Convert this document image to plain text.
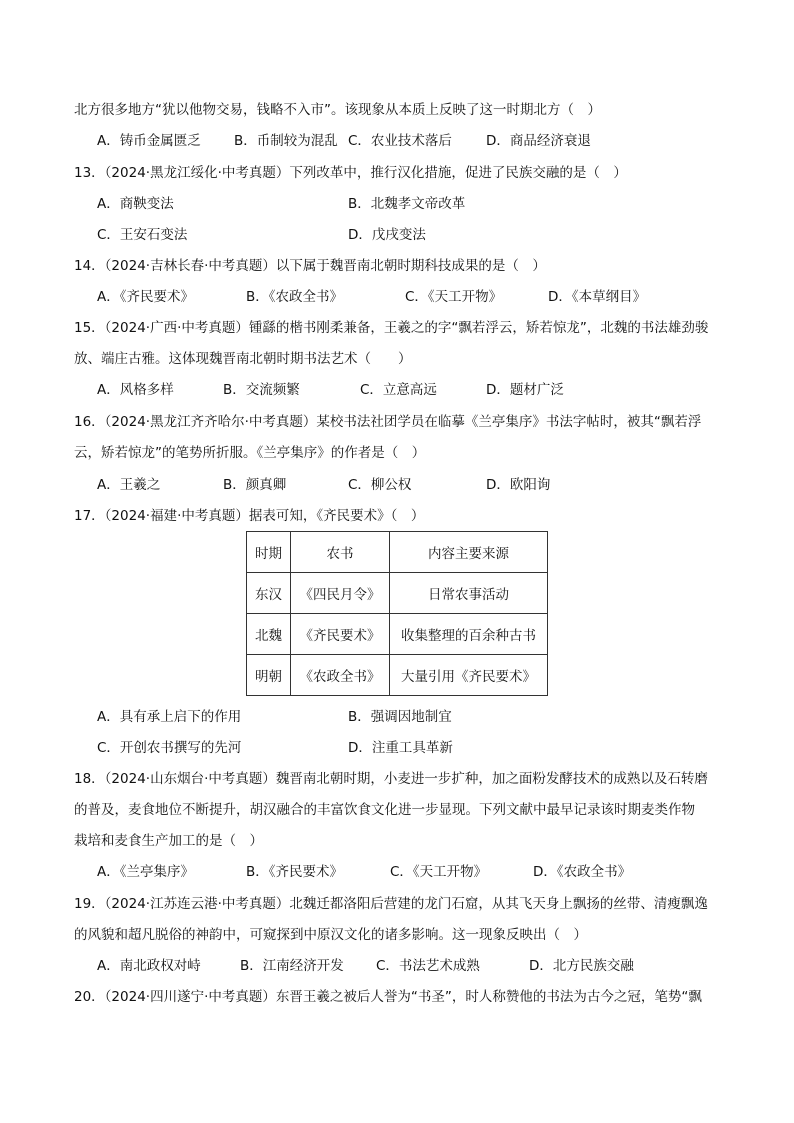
北方很多地方“犹以他物交易，钱略不入市”。该现象从本质上反映了这一时期北方（　）
A．铸币金属匮乏 B．币制较为混乱 C．农业技术落后	D．商品经济衰退
13．（2024·黑龙江绥化·中考真题）下列改革中，推行汉化措施，促进了民族交融的是（　）
A．商鞅变法	B．北魏孝文帝改革
C．王安石变法	D．戊戌变法
14．（2024·吉林长春·中考真题）以下属于魏晋南北朝时期科技成果的是（　）
A．《齐民要术》	B．《农政全书》	C．《天工开物》	D．《本草纲目》
15．（2024·广西·中考真题）锺繇的楷书刚柔兼备，王羲之的字“飘若浮云，矫若惊龙”，北魏的书法雄劲骏
放、端庄古雅。这体现魏晋南北朝时期书法艺术（　　）
A．风格多样	B．交流频繁	C．立意高远	D．题材广泛
16．（2024·黑龙江齐齐哈尔·中考真题）某校书法社团学员在临摹《兰亭集序》书法字帖时，被其“飘若浮
云，矫若惊龙”的笔势所折服。《兰亭集序》的作者是（　）
A．王羲之	B．颜真卿	C．柳公权	D．欧阳询
17．（2024·福建·中考真题）据表可知，《齐民要术》（　）
时期	农书	内容主要来源
东汉	《四民月令》	日常农事活动
北魏	《齐民要术》	收集整理的百余种古书
明朝	《农政全书》	大量引用《齐民要术》
A．具有承上启下的作用	B．强调因地制宜
C．开创农书撰写的先河	D．注重工具革新
18．（2024·山东烟台·中考真题）魏晋南北朝时期，小麦进一步扩种，加之面粉发酵技术的成熟以及石转磨
的普及，麦食地位不断提升，胡汉融合的丰富饮食文化进一步显现。下列文献中最早记录该时期麦类作物
栽培和麦食生产加工的是（　）
A．《兰亭集序》	B．《齐民要术》	C．《天工开物》	D．《农政全书》
19．（2024·江苏连云港·中考真题）北魏迁都洛阳后营建的龙门石窟，从其飞天身上飘扬的丝带、清瘦飘逸
的风貌和超凡脱俗的神韵中，可窥探到中原汉文化的诸多影响。这一现象反映出（　）
A．南北政权对峙	B．江南经济开发 C．书法艺术成熟	D．北方民族交融
20．（2024·四川遂宁·中考真题）东晋王羲之被后人誉为“书圣”，时人称赞他的书法为古今之冠，笔势“飘
